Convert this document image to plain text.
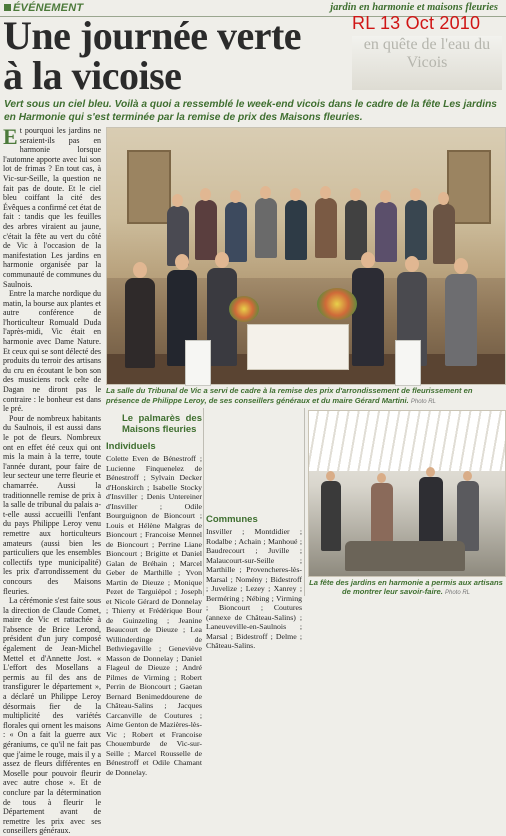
ÉVÉNEMENT	jardin en harmonie et maisons fleuries
RL 13 Oct 2010
en quête de l'eau du Vicois
Une journée verte
à la vicoise
Vert sous un ciel bleu. Voilà a quoi a ressemblé le week-end vicois dans le cadre de la fête Les jardins en Harmonie qui s'est terminée par la remise de prix des Maisons fleuries.

Et pourquoi les jardins ne seraient-ils pas en harmonie lorsque l'automne apporte avec lui son lot de frimas ? En tout cas, à Vic-sur-Seille, la question ne fait pas de doute. Et le ciel bleu coiffant la cité des Évêques a confirmé cet état de fait : tandis que les feuilles des arbres viraient au jaune, c'était la fête au vert du côté de Vic à l'occasion de la manifestation Les jardins en harmonie organisée par la communauté de communes du Saulnois.

Entre la marche nordique du matin, la bourse aux plantes et autre conférence de l'horticulteur Romuald Duda l'après-midi, Vic était en harmonie avec Dame Nature. Et ceux qui se sont délecté des produits du terroir des artisans du cru en écoutant le bon son des musiciens rock celte de Dagan ne diront pas le contraire : le bonheur est dans le pré.

Pour de nombreux habitants du Saulnois, il est aussi dans le pot de fleurs. Nombreux ont en effet été ceux qui ont mis la main à la terre, toute l'année durant, pour faire de leur secteur une terre fleurie et chamarrée. Aussi la traditionnelle remise de prix à la salle de tribunal du palais a-t-elle aussi accueilli l'enfant du pays Philippe Leroy venu remettre aux horticulteurs amateurs (aussi bien les particuliers que les ensembles collectifs type municipalité) les prix d'arrondissement du concours des Maisons fleuries.

La cérémonie s'est faite sous la direction de Claude Comet, maire de Vic et rattachée à l'absence de Brice Lerond, président d'un jury composé également de Jean-Michel Mettel et d'Annette Jost. « L'effort des Mosellans a permis au fil des ans de transfigurer le département », a déclaré un Philippe Leroy désormais fier de la multiplicité des variétés florales qui ornent les maisons : « On a fait la guerre aux géraniums, ce qu'il ne fait pas que j'aime le rouge, mais il y a assez de fleurs différentes en Moselle pour pouvoir fleurir avec autre chose ». Et de conclure par la détermination de tous à fleurir le Département avant de remettre les prix avec ses conseillers généraux.

La salle du Tribunal de Vic a servi de cadre à la remise des prix d'arrondissement de fleurissement en présence de Philippe Leroy, de ses conseillers généraux et du maire Gérard Martini. Photo RL
Le palmarès des Maisons fleuries
Individuels

Colette Even de Bénestroff ; Lucienne Finquenelez de Bénestroff ; Sylvain Decker d'Honskirch ; Isabelle Stocky d'Insviller ; Denis Untereiner d'Insviller ; Odile Bourguignon de Bioncourt ; Louis et Hélène Malgras de Bioncourt ; Francoise Mennel de Bioncourt ; Perrine Liane Bioncourt ; Brigitte et Daniel Galan de Bréhain ; Marcel Geber de Marthille ; Yvon Martin de Dieuze ; Monique Pezet de Targuiépol ; Joseph et Nicole Gérard de Donnelay ; Thierry et Frédérique Bour de Guinzeling ; Jeanine Beaucourt de Dieuze ; Lea Willinderdinge de Bethviegaville ; Geneviève Masson de Donnelay ; Daniel Flageul de Dieuze ; André Pilmes de Virming ; Robert Perrin de Bioncourt ; Gaetan Bernard Benimeddourene de Château-Salins ; Jacques Carcanville de Coutures ; Aime Genton de Mazières-lès-Vic ; Robert et Francoise Chouemburde de Vic-sur-Seille ; Marcel Rousselle de Bénestroff et Odile Chamant de Donnelay.

Communes

Insviller ; Montdidier ; Rodalbe ; Achain ; Manhoué ; Baudrecourt ; Juville ; Malaucourt-sur-Seille ; Marthille ; Provencheres-lès-Marsal ; Nomény ; Bidestroff ; Juvelize ; Lezey ; Xanrey ; Berméring ; Nébing ; Virming ; Bioncourt ; Coutures (annexe de Château-Salins) ; Laneuveville-en-Saulnois ; Marsal ; Bidestroff ; Delme ; Château-Salins.

La fête des jardins en harmonie a permis aux artisans de montrer leur savoir-faire. Photo RL
